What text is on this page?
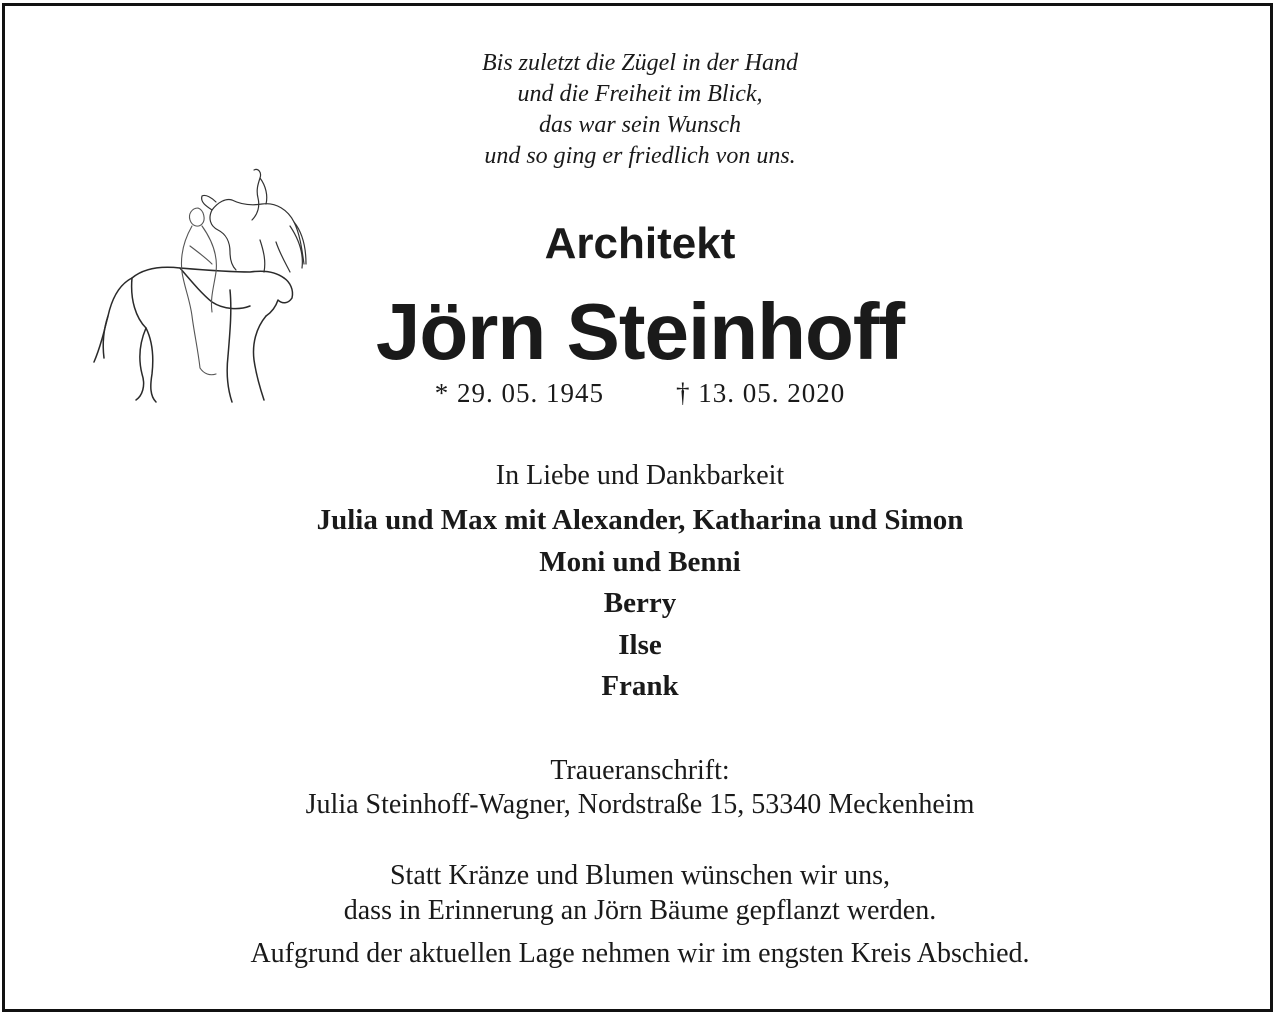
Bis zuletzt die Zügel in der Hand
und die Freiheit im Blick,
das war sein Wunsch
und so ging er friedlich von uns.
Architekt
Jörn Steinhoff
* 29. 05. 1945	† 13. 05. 2020
In Liebe und Dankbarkeit
Julia und Max mit Alexander, Katharina und Simon
Moni und Benni
Berry
Ilse
Frank
Traueranschrift:
Julia Steinhoff-Wagner, Nordstraße 15, 53340 Meckenheim
Statt Kränze und Blumen wünschen wir uns,
dass in Erinnerung an Jörn Bäume gepflanzt werden.
Aufgrund der aktuellen Lage nehmen wir im engsten Kreis Abschied.
